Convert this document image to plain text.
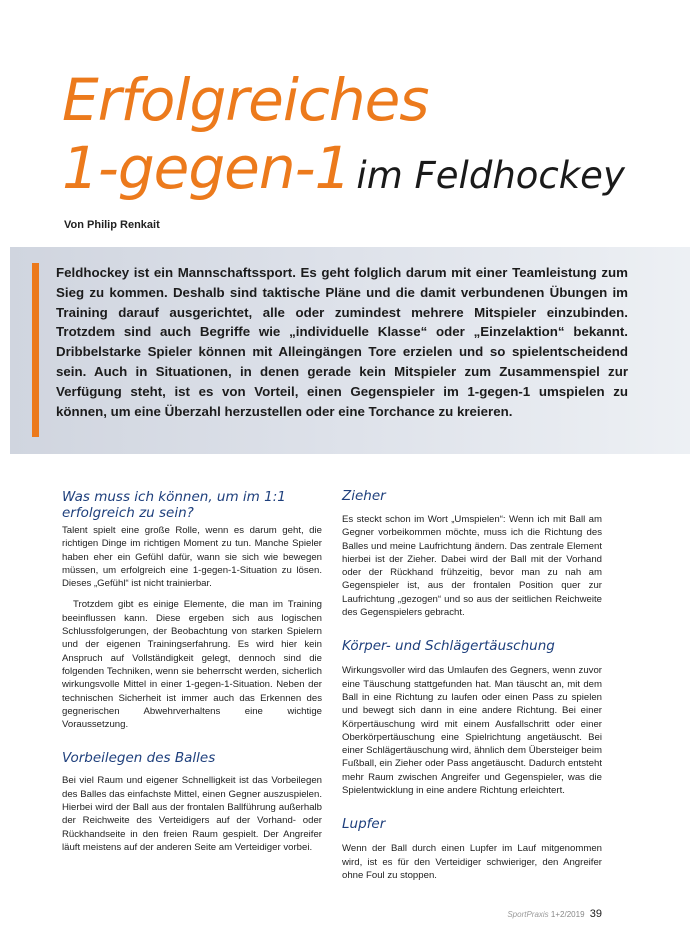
Erfolgreiches
1-gegen-1 im Feldhockey
Von Philip Renkait

Feldhockey ist ein Mannschaftssport. Es geht folglich darum mit einer Teamleistung zum Sieg zu kommen. Deshalb sind taktische Pläne und die damit verbundenen Übungen im Training darauf ausgerichtet, alle oder zumindest mehrere Mitspieler einzubinden. Trotzdem sind auch Begriffe wie „individuelle Klasse“ oder „Einzelaktion“ bekannt. Dribbelstarke Spieler können mit Alleingängen Tore erzielen und so spielentscheidend sein. Auch in Situationen, in denen gerade kein Mitspieler zum Zusammenspiel zur Verfügung steht, ist es von Vorteil, einen Gegenspieler im 1-gegen-1 umspielen zu können, um eine Überzahl herzustellen oder eine Torchance zu kreieren.

Was muss ich können, um im 1:1 erfolgreich zu sein?

Talent spielt eine große Rolle, wenn es darum geht, die richtigen Dinge im richtigen Moment zu tun. Manche Spieler haben eher ein Gefühl dafür, wann sie sich wie bewegen müssen, um erfolgreich eine 1-gegen-1-Situation zu lösen. Dieses „Gefühl“ ist nicht trainierbar.

Trotzdem gibt es einige Elemente, die man im Training beeinflussen kann. Diese ergeben sich aus logischen Schlussfolgerungen, der Beobachtung von starken Spielern und der eigenen Trainingserfahrung. Es wird hier kein Anspruch auf Vollständigkeit gelegt, dennoch sind die folgenden Techniken, wenn sie beherrscht werden, sicherlich wirkungsvolle Mittel in einer 1-gegen-1-Situation. Neben der technischen Sicherheit ist immer auch das Erkennen des gegnerischen Abwehrverhaltens eine wichtige Voraussetzung.

Vorbeilegen des Balles

Bei viel Raum und eigener Schnelligkeit ist das Vorbeilegen des Balles das einfachste Mittel, einen Gegner auszuspielen. Hierbei wird der Ball aus der frontalen Ballführung außerhalb der Reichweite des Verteidigers auf der Vorhand- oder Rückhandseite in den freien Raum gespielt. Der Angreifer läuft meistens auf der anderen Seite am Verteidiger vorbei.

Zieher

Es steckt schon im Wort „Umspielen“: Wenn ich mit Ball am Gegner vorbeikommen möchte, muss ich die Richtung des Balles und meine Laufrichtung ändern. Das zentrale Element hierbei ist der Zieher. Dabei wird der Ball mit der Vorhand oder der Rückhand frühzeitig, bevor man zu nah am Gegenspieler ist, aus der frontalen Position quer zur Laufrichtung „gezogen“ und so aus der seitlichen Reichweite des Gegenspielers gebracht.

Körper- und Schlägertäuschung

Wirkungsvoller wird das Umlaufen des Gegners, wenn zuvor eine Täuschung stattgefunden hat. Man täuscht an, mit dem Ball in eine Richtung zu laufen oder einen Pass zu spielen und bewegt sich dann in eine andere Richtung. Bei einer Körpertäuschung wird mit einem Ausfallschritt oder einer Oberkörpertäuschung eine Spielrichtung angetäuscht. Bei einer Schlägertäuschung wird, ähnlich dem Übersteiger beim Fußball, ein Zieher oder Pass angetäuscht. Dadurch entsteht mehr Raum zwischen Angreifer und Gegenspieler, was die Spielentwicklung in eine andere Richtung erleichtert.

Lupfer

Wenn der Ball durch einen Lupfer im Lauf mitgenommen wird, ist es für den Verteidiger schwieriger, den Angreifer ohne Foul zu stoppen.

SportPraxis 1+2/2019 39
